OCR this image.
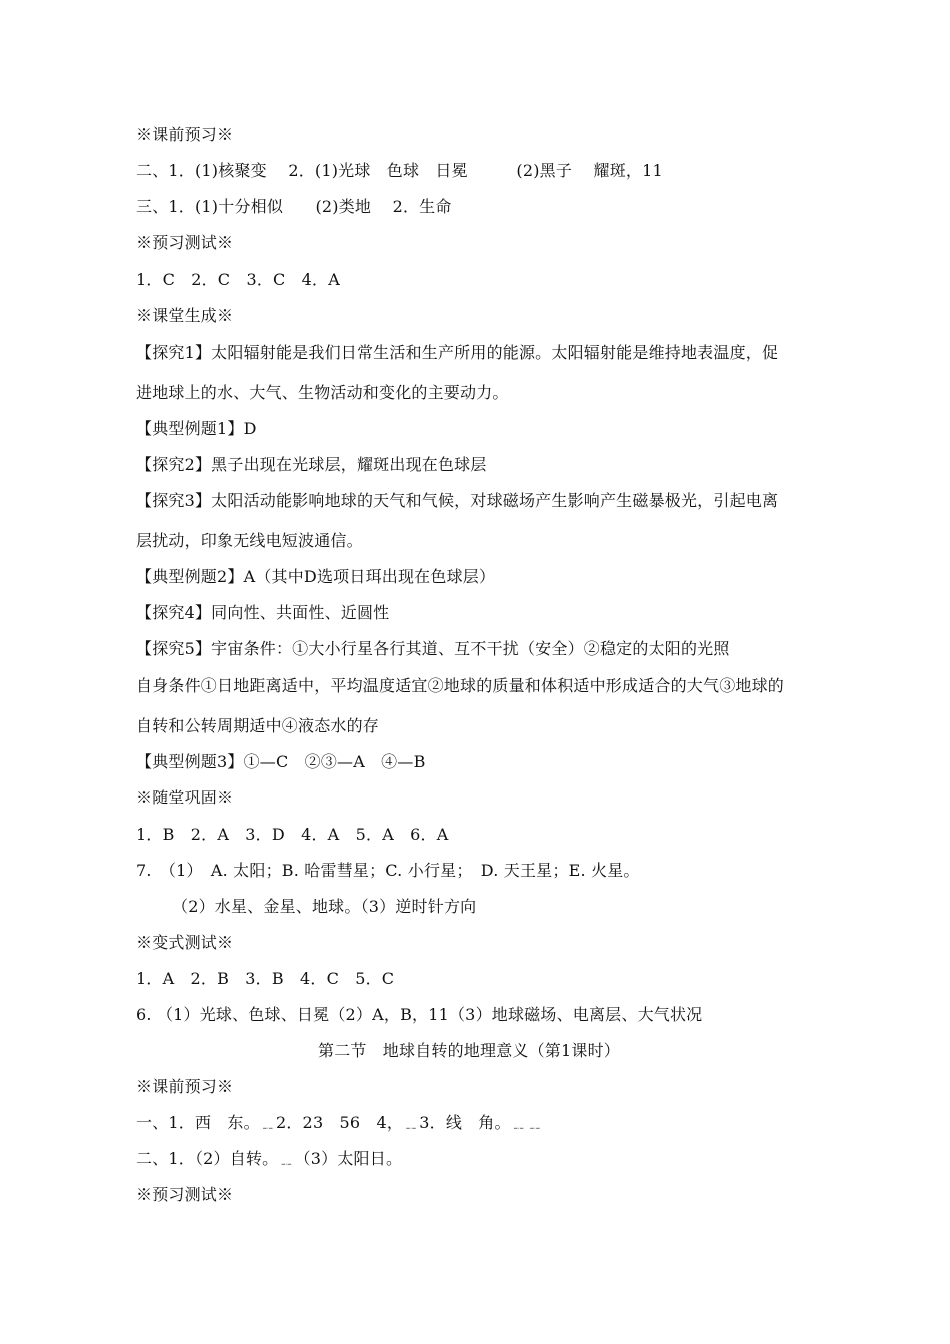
※课前预习※
二、1．(1)核聚变　 2．(1)光球　色球　日冕　　　(2)黑子　 耀斑，11
三、1．(1)十分相似　　(2)类地　 2．生命
※预习测试※
1．C　2．C　3．C　4．A
※课堂生成※
【探究1】太阳辐射能是我们日常生活和生产所用的能源。太阳辐射能是维持地表温度，促
进地球上的水、大气、生物活动和变化的主要动力。
【典型例题1】D
【探究2】黑子出现在光球层，耀斑出现在色球层
【探究3】太阳活动能影响地球的天气和气候，对球磁场产生影响产生磁暴极光，引起电离
层扰动，印象无线电短波通信。
【典型例题2】A（其中D选项日珥出现在色球层）
【探究4】同向性、共面性、近圆性
【探究5】宇宙条件：①大小行星各行其道、互不干扰（安全）②稳定的太阳的光照
自身条件①日地距离适中，平均温度适宜②地球的质量和体积适中形成适合的大气③地球的
自转和公转周期适中④液态水的存
【典型例题3】①—C　②③—A　④—B
※随堂巩固※
1．B　2．A　3．D　4．A　5．A　6．A
7.　（1）　A. 太阳；B. 哈雷彗星；C. 小行星；　D. 天王星；E. 火星。
（2）水星、金星、地球。（3）逆时针方向
※变式测试※
1．A　2．B　3．B　4．C　5．C
6. （1）光球、色球、日冕（2）A，B，11（3）地球磁场、电离层、大气状况
第二节　地球自转的地理意义（第1课时）
※课前预习※
一、1．西　东。﹎2．23　56　4，﹎3．线　角。﹎﹎
二、1．（2）自转。﹎（3）太阳日。
※预习测试※
